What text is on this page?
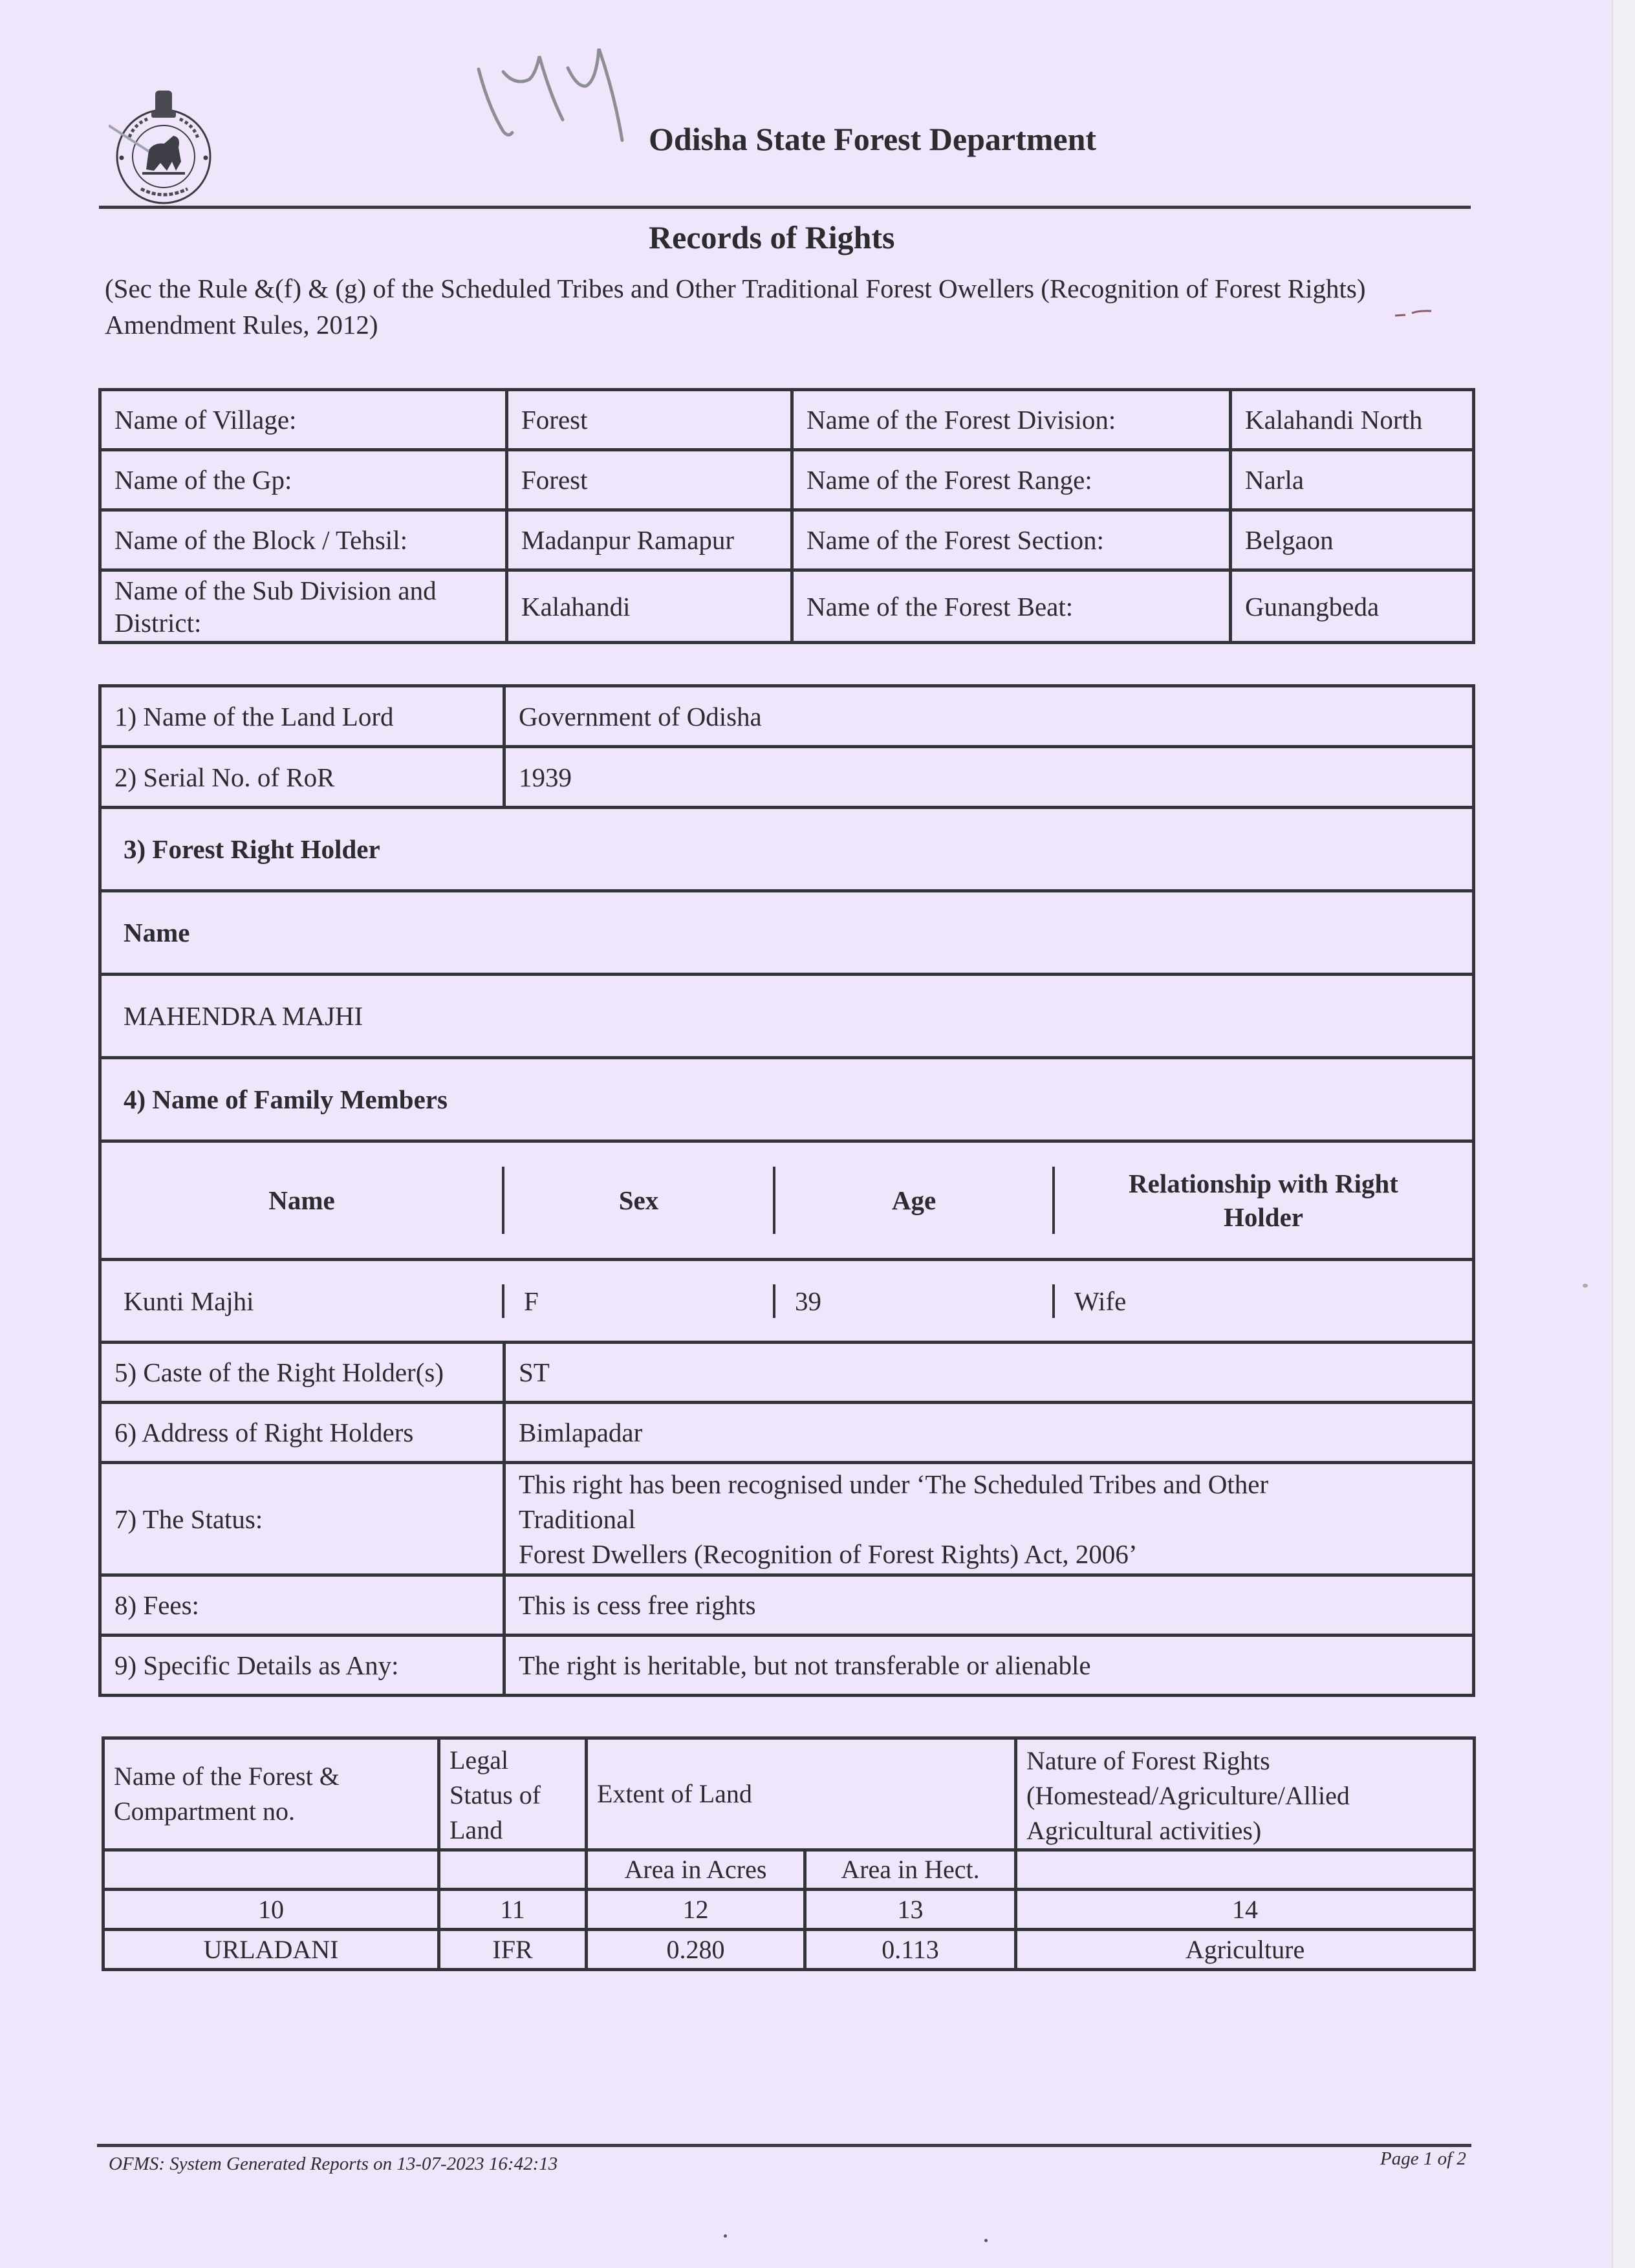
Odisha State Forest Department
Records of Rights
(Sec the Rule &(f) & (g) of the Scheduled Tribes and Other Traditional Forest Owellers (Recognition of Forest Rights) Amendment Rules, 2012)
Name of Village:	Forest	Name of the Forest Division:	Kalahandi North
Name of the Gp:	Forest	Name of the Forest Range:	Narla
Name of the Block / Tehsil:	Madanpur Ramapur	Name of the Forest Section:	Belgaon
Name of the Sub Division and District:	Kalahandi	Name of the Forest Beat:	Gunangbeda
1) Name of the Land Lord	Government of Odisha
2) Serial No. of RoR	1939
3) Forest Right Holder
Name
MAHENDRA MAJHI
4) Name of Family Members

Name	Sex	Age	Relationship with Right Holder

Kunti Majhi	F	39	Wife

5) Caste of the Right Holder(s)	ST
6) Address of Right Holders	Bimlapadar
7) The Status:	
This right has been recognised under ‘The Scheduled Tribes and Other
Traditional
Forest Dwellers (Recognition of Forest Rights) Act, 2006’

8) Fees:	This is cess free rights
9) Specific Details as Any:	The right is heritable, but not transferable or alienable
Name of the Forest & Compartment no.	Legal Status of Land	Extent of Land		Nature of Forest Rights (Homestead/Agriculture/Allied Agricultural activities)
		Area in Acres	Area in Hect.	
10	11	12	13	14
URLADANI	IFR	0.280	0.113	Agriculture
OFMS: System Generated Reports on 13-07-2023 16:42:13	Page 1 of 2
